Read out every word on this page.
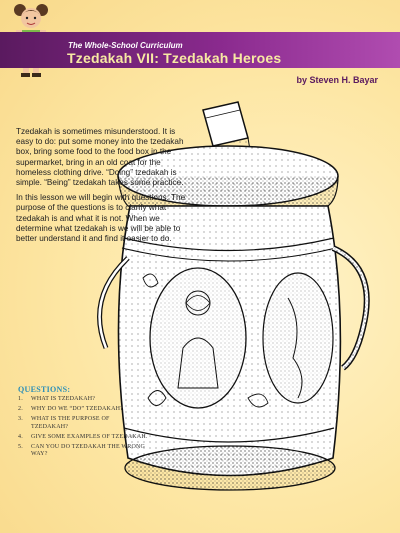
The Whole-School Curriculum
Tzedakah VII: Tzedakah Heroes
by Steven H. Bayar

Tzedakah is sometimes misunderstood. It is easy to do: put some money into the tzedakah box, bring some food to the food box in the supermarket, bring in an old coat for the homeless clothing drive. “Doing” tzedakah is simple. “Being” tzedakah takes some practice.

In this lesson we will begin with questions. The purpose of the questions is to clarify what tzedakah is and what it is not. When we determine what tzedakah is we will be able to better understand it and find it easier to do.

QUESTIONS:
1. WHAT IS TZEDAKAH?
2. WHY DO WE “DO” TZEDAKAH?
3. WHAT IS THE PURPOSE OF TZEDAKAH?
4. GIVE SOME EXAMPLES OF TZEDAKAH.
5. CAN YOU DO TZEDAKAH THE WRONG WAY?
